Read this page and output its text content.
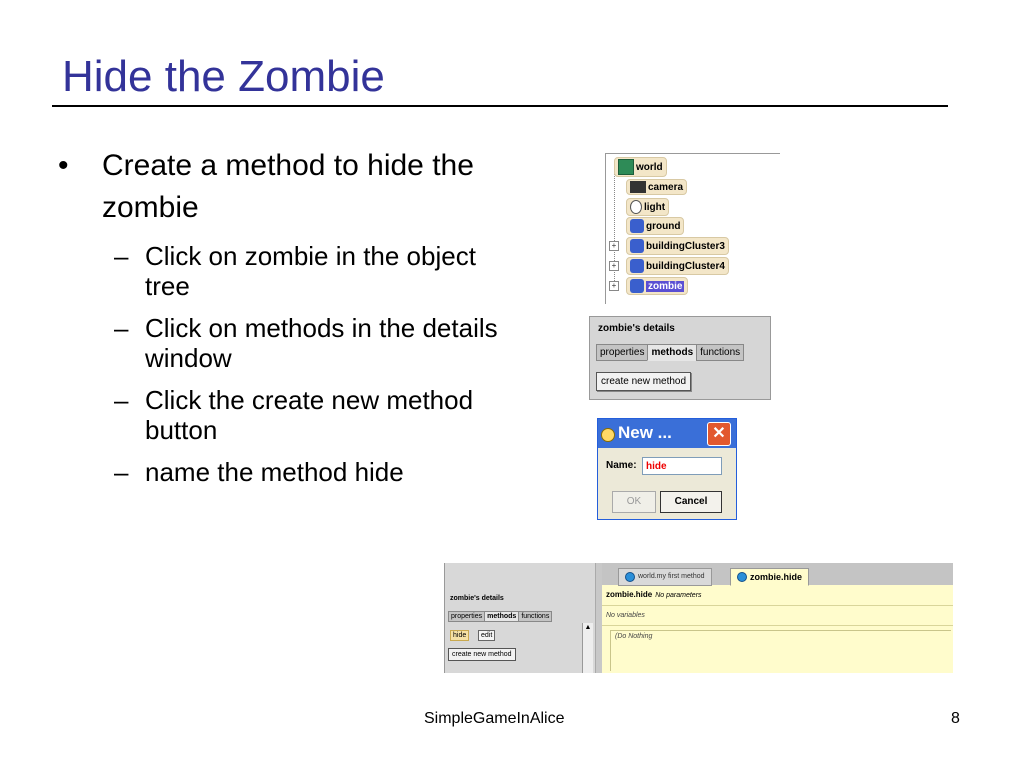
Hide the Zombie
• Create a method to hide the zombie
– Click on zombie in the object tree
– Click on methods in the details window
– Click the create new method button
– name the method hide
world
camera
light
ground
+	buildingCluster3
+	buildingCluster4
+	zombie
zombie's details
properties methods functions
create new method
New ...	✕
Name: hide
OK	Cancel
zombie's details
properties methods functions
hide	edit
create new method
▲
world.my first method	zombie.hide
zombie.hide No parameters
No variables
(Do Nothing
SimpleGameInAlice	8
